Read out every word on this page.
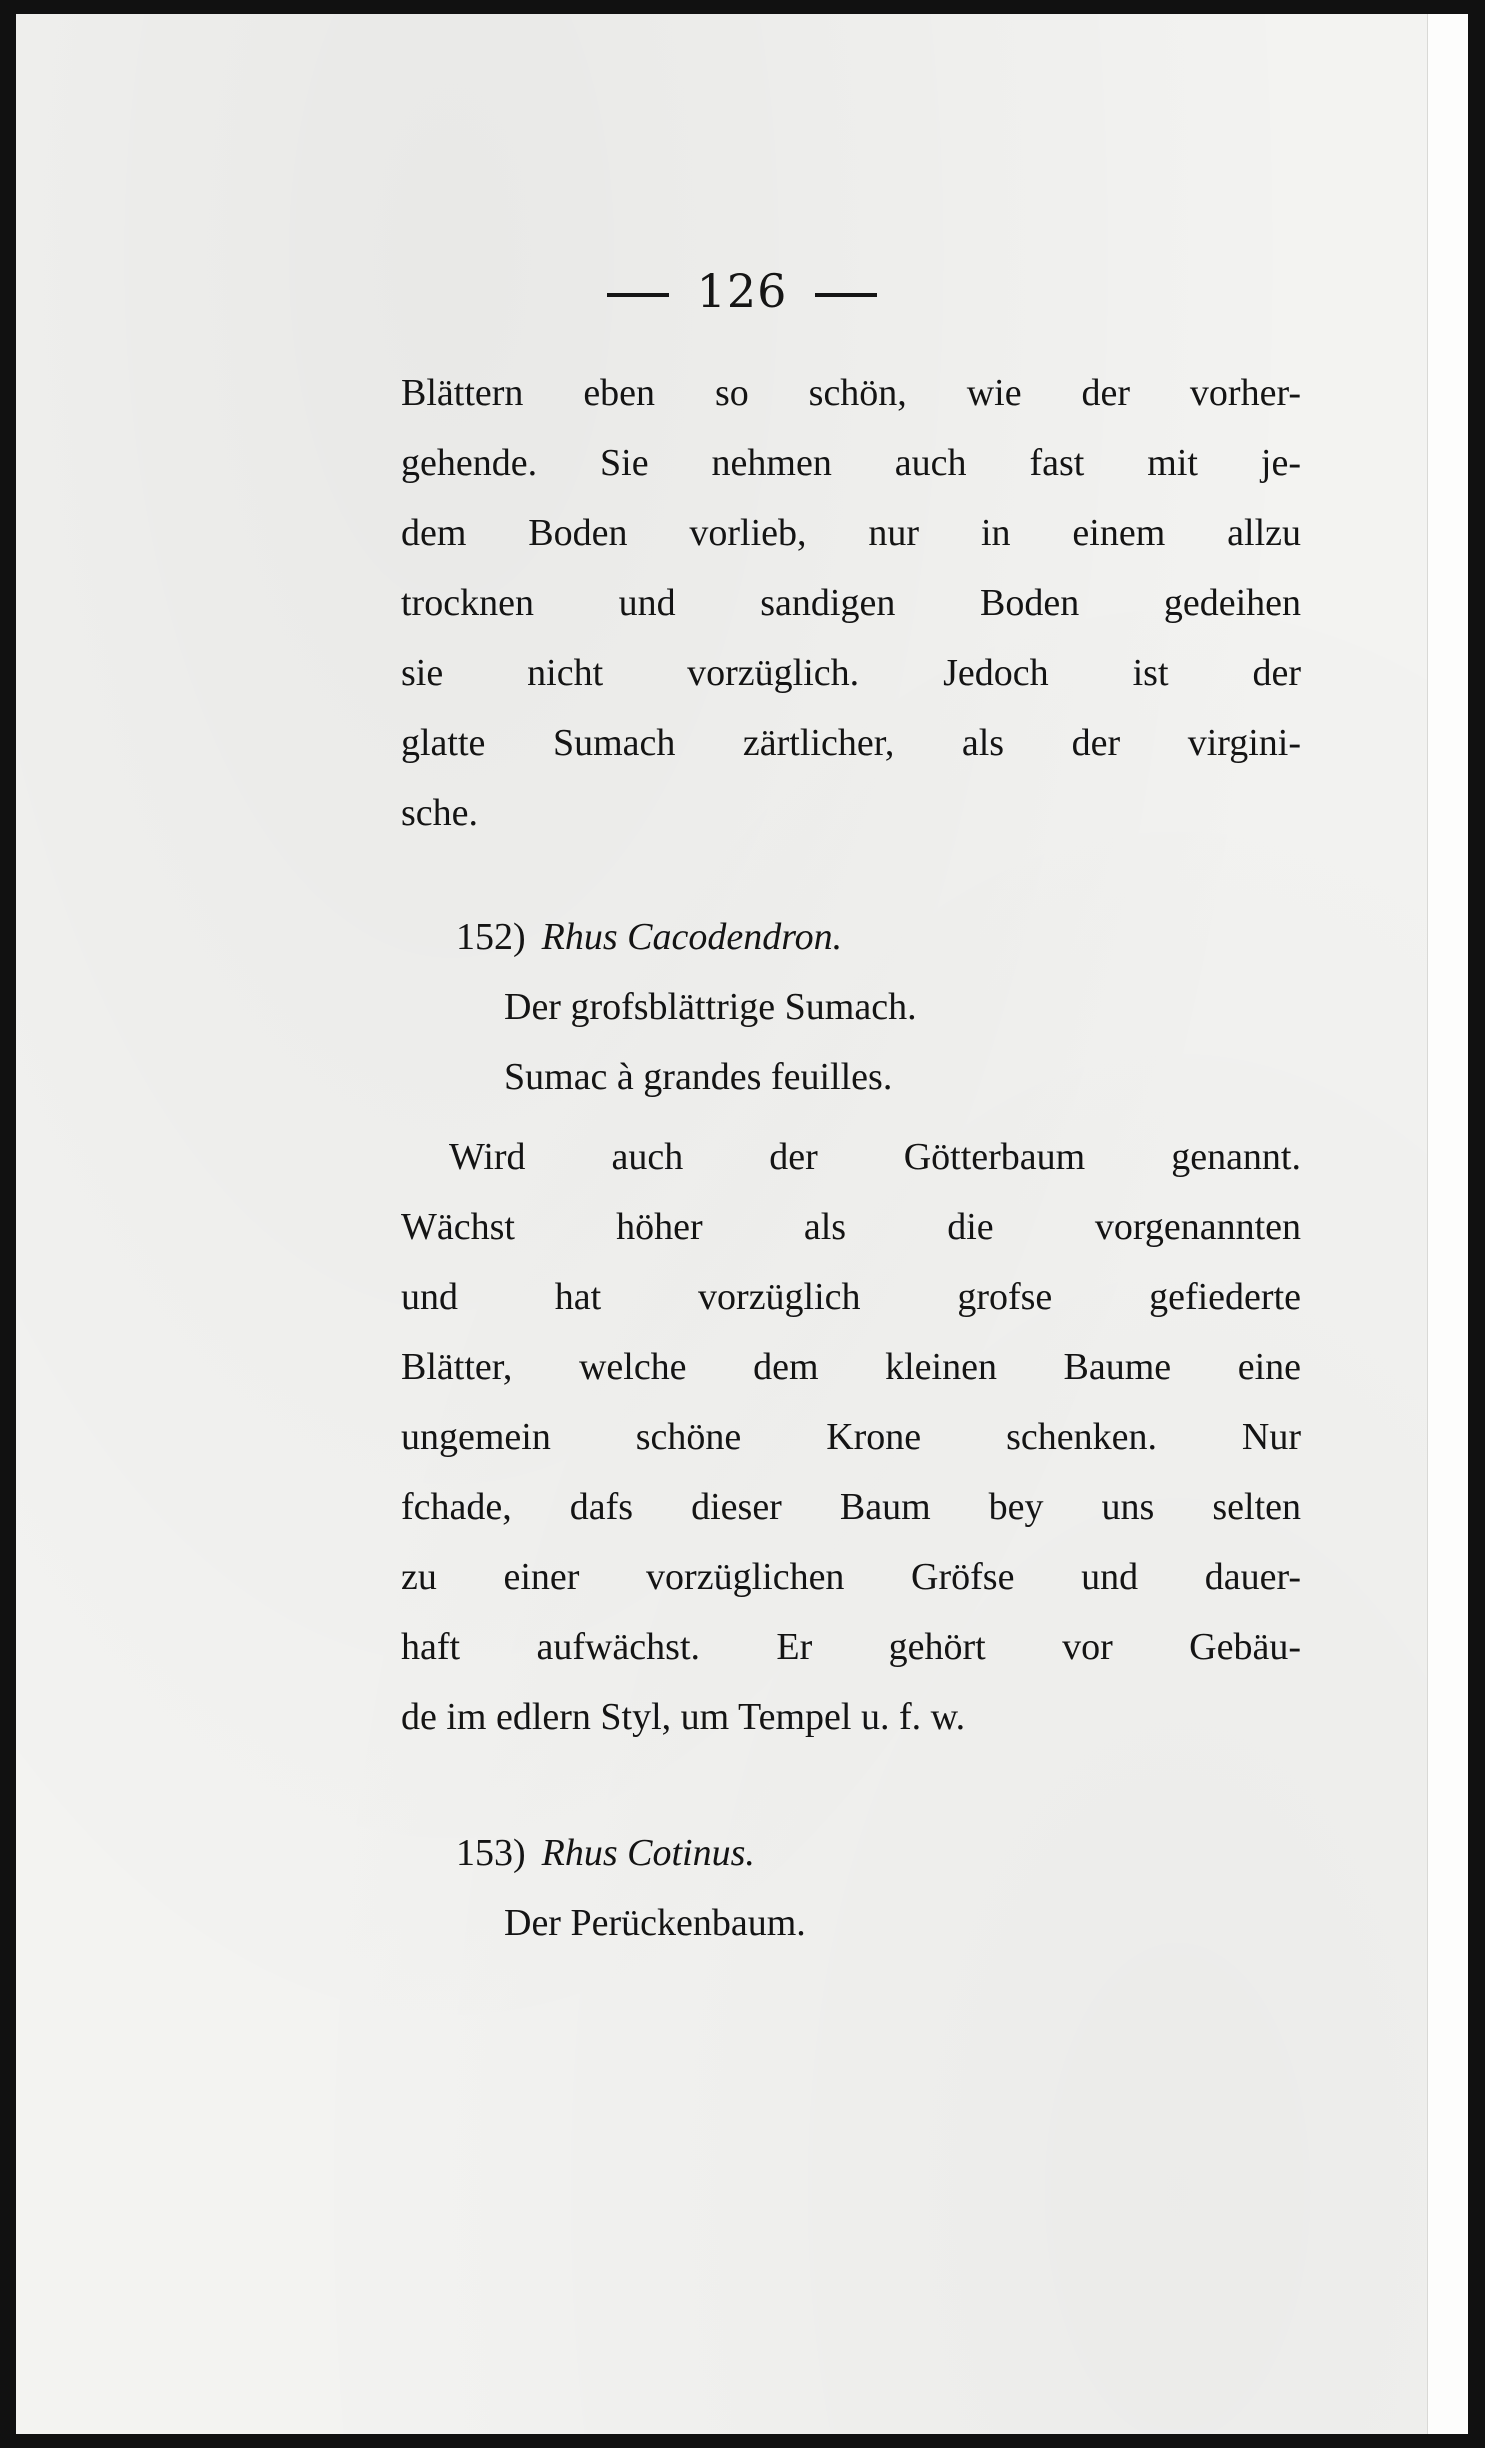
126
Blättern eben so schön, wie der vorher-
gehende. Sie nehmen auch fast mit je-
dem Boden vorlieb, nur in einem allzu
trocknen und sandigen Boden gedeihen
sie nicht vorzüglich. Jedoch ist der
glatte Sumach zärtlicher, als der virgini-
sche.
152) Rhus Cacodendron.
Der grofsblättrige Sumach.
Sumac à grandes feuilles.
Wird auch der Götterbaum genannt.
Wächst höher als die vorgenannten
und hat vorzüglich grofse gefiederte
Blätter, welche dem kleinen Baume eine
ungemein schöne Krone schenken. Nur
fchade, dafs dieser Baum bey uns selten
zu einer vorzüglichen Gröfse und dauer-
haft aufwächst. Er gehört vor Gebäu-
de im edlern Styl, um Tempel u. f. w.
153) Rhus Cotinus.
Der Perückenbaum.
